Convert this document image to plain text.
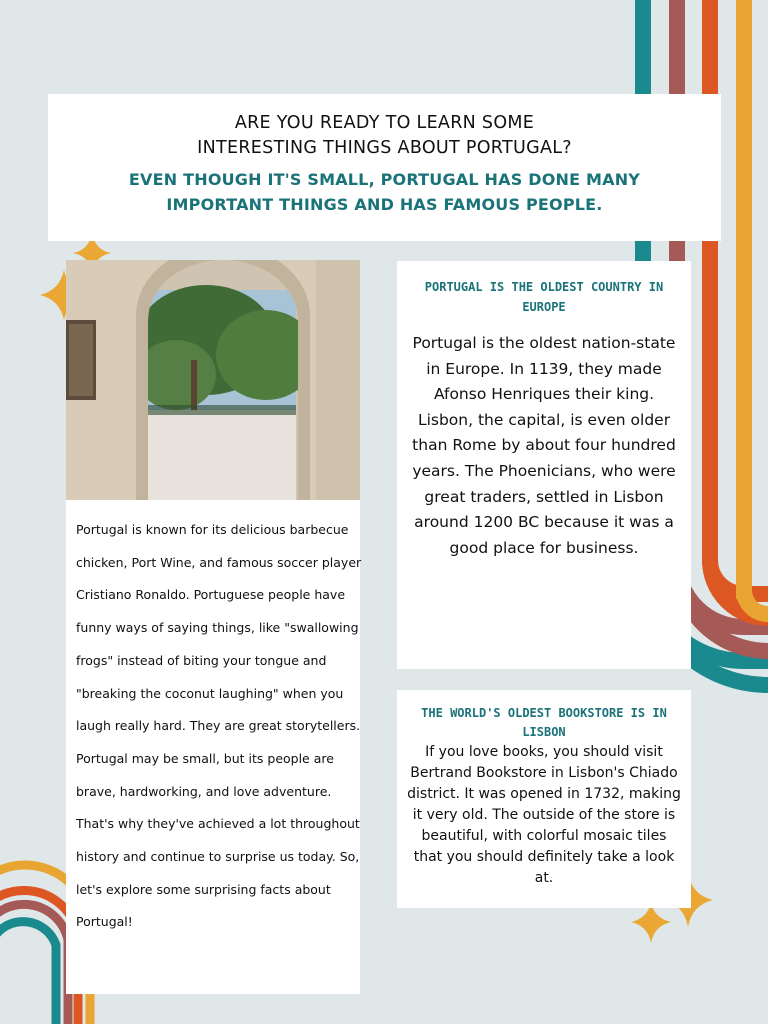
ARE YOU READY TO LEARN SOME
INTERESTING THINGS ABOUT PORTUGAL?
EVEN THOUGH IT'S SMALL, PORTUGAL HAS DONE MANY
IMPORTANT THINGS AND HAS FAMOUS PEOPLE.

Portugal is known for its delicious barbecue chicken, Port Wine, and famous soccer player Cristiano Ronaldo. Portuguese people have funny ways of saying things, like "swallowing frogs" instead of biting your tongue and "breaking the coconut laughing" when you laugh really hard. They are great storytellers. Portugal may be small, but its people are brave, hardworking, and love adventure. That's why they've achieved a lot throughout history and continue to surprise us today. So, let's explore some surprising facts about Portugal!

PORTUGAL IS THE OLDEST COUNTRY IN EUROPE
Portugal is the oldest nation-state in Europe. In 1139, they made Afonso Henriques their king. Lisbon, the capital, is even older than Rome by about four hundred years. The Phoenicians, who were great traders, settled in Lisbon around 1200 BC because it was a good place for business.
THE WORLD'S OLDEST BOOKSTORE IS IN LISBON
If you love books, you should visit Bertrand Bookstore in Lisbon's Chiado district. It was opened in 1732, making it very old. The outside of the store is beautiful, with colorful mosaic tiles that you should definitely take a look at.
